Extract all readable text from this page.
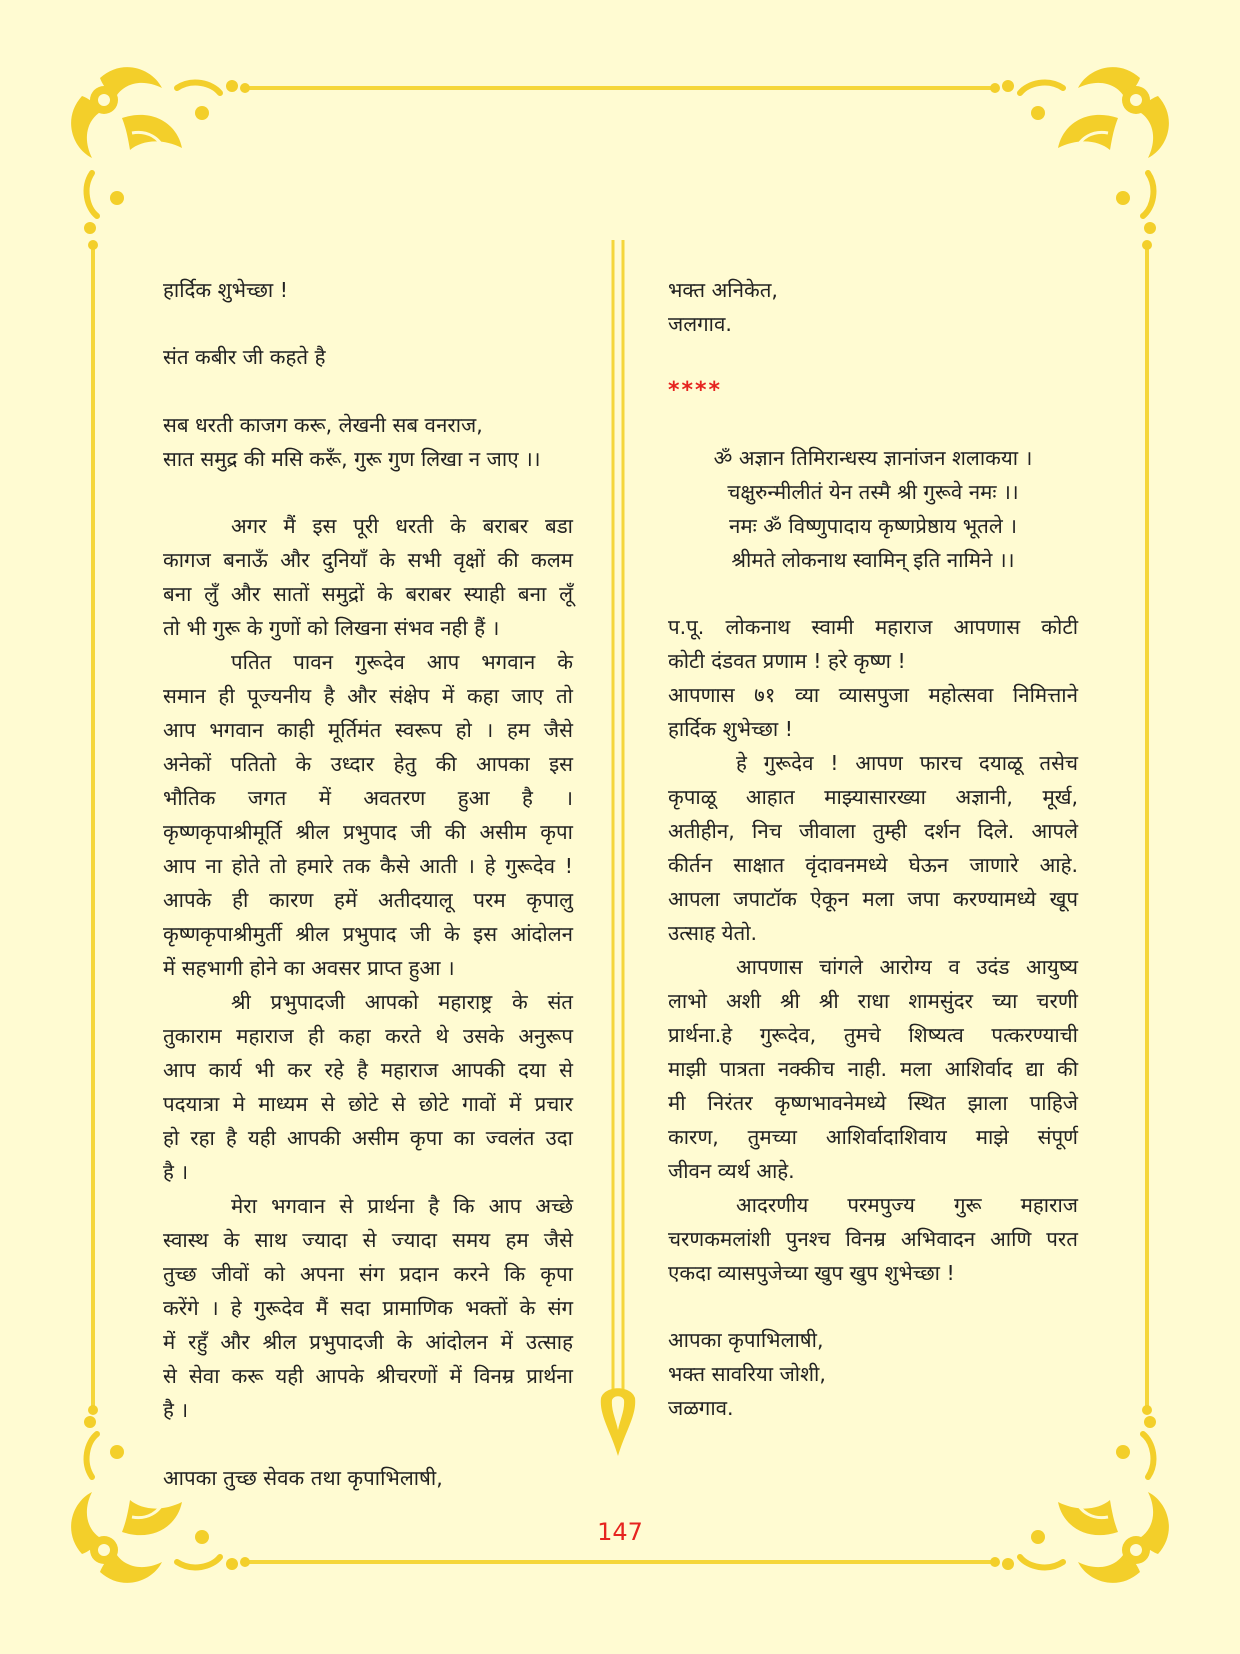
हार्दिक शुभेच्छा !

संत कबीर जी कहते है

सब धरती काजग करू, लेखनी सब वनराज,

सात समुद्र की मसि करूँ, गुरू गुण लिखा न जाए ।।

अगर मैं इस पूरी धरती के बराबर बडा

कागज बनाऊँ और दुनियाँ के सभी वृक्षों की कलम

बना लुँ और सातों समुद्रों के बराबर स्याही बना लूँ

तो भी गुरू के गुणों को लिखना संभव नही हैं ।

पतित पावन गुरूदेव आप भगवान के

समान ही पूज्यनीय है और संक्षेप में कहा जाए तो

आप भगवान काही मूर्तिमंत स्वरूप हो । हम जैसे

अनेकों पतितो के उध्दार हेतु की आपका इस

भौतिक जगत में अवतरण हुआ है ।

कृष्णकृपाश्रीमूर्ति श्रील प्रभुपाद जी की असीम कृपा

आप ना होते तो हमारे तक कैसे आती । हे गुरूदेव !

आपके ही कारण हमें अतीदयालू परम कृपालु

कृष्णकृपाश्रीमुर्ती श्रील प्रभुपाद जी के इस आंदोलन

में सहभागी होने का अवसर प्राप्त हुआ ।

श्री प्रभुपादजी आपको महाराष्ट्र के संत

तुकाराम महाराज ही कहा करते थे उसके अनुरूप

आप कार्य भी कर रहे है महाराज आपकी दया से

पदयात्रा मे माध्यम से छोटे से छोटे गावों में प्रचार

हो रहा है यही आपकी असीम कृपा का ज्वलंत उदा

है ।

मेरा भगवान से प्रार्थना है कि आप अच्छे

स्वास्थ के साथ ज्यादा से ज्यादा समय हम जैसे

तुच्छ जीवों को अपना संग प्रदान करने कि कृपा

करेंगे । हे गुरूदेव मैं सदा प्रामाणिक भक्तों के संग

में रहुँ और श्रील प्रभुपादजी के आंदोलन में उत्साह

से सेवा करू यही आपके श्रीचरणों में विनम्र प्रार्थना

है ।

आपका तुच्छ सेवक तथा कृपाभिलाषी,

भक्त अनिकेत,

जलगाव.

****

ॐ अज्ञान तिमिरान्धस्य ज्ञानांजन शलाकया ।

चक्षुरुन्मीलीतं येन तस्मै श्री गुरूवे नमः ।।

नमः ॐ विष्णुपादाय कृष्णप्रेष्ठाय भूतले ।

श्रीमते लोकनाथ स्वामिन् इति नामिने ।।

प.पू. लोकनाथ स्वामी महाराज आपणास कोटी

कोटी दंडवत प्रणाम ! हरे कृष्ण !

आपणास ७१ व्या व्यासपुजा महोत्सवा निमित्ताने

हार्दिक शुभेच्छा !

हे गुरूदेव ! आपण फारच दयाळू तसेच

कृपाळू आहात माझ्यासारख्या अज्ञानी, मूर्ख,

अतीहीन, निच जीवाला तुम्ही दर्शन दिले. आपले

कीर्तन साक्षात वृंदावनमध्ये घेऊन जाणारे आहे.

आपला जपाटॉक ऐकून मला जपा करण्यामध्ये खूप

उत्साह येतो.

आपणास चांगले आरोग्य व उदंड आयुष्य

लाभो अशी श्री श्री राधा शामसुंदर च्या चरणी

प्रार्थना.हे गुरूदेव, तुमचे शिष्यत्व पत्करण्याची

माझी पात्रता नक्कीच नाही. मला आशिर्वाद द्या की

मी निरंतर कृष्णभावनेमध्ये स्थित झाला पाहिजे

कारण, तुमच्या आशिर्वादाशिवाय माझे संपूर्ण

जीवन व्यर्थ आहे.

आदरणीय परमपुज्य गुरू महाराज

चरणकमलांशी पुनश्च विनम्र अभिवादन आणि परत

एकदा व्यासपुजेच्या खुप खुप शुभेच्छा !

आपका कृपाभिलाषी,

भक्त सावरिया जोशी,

जळगाव.

147
